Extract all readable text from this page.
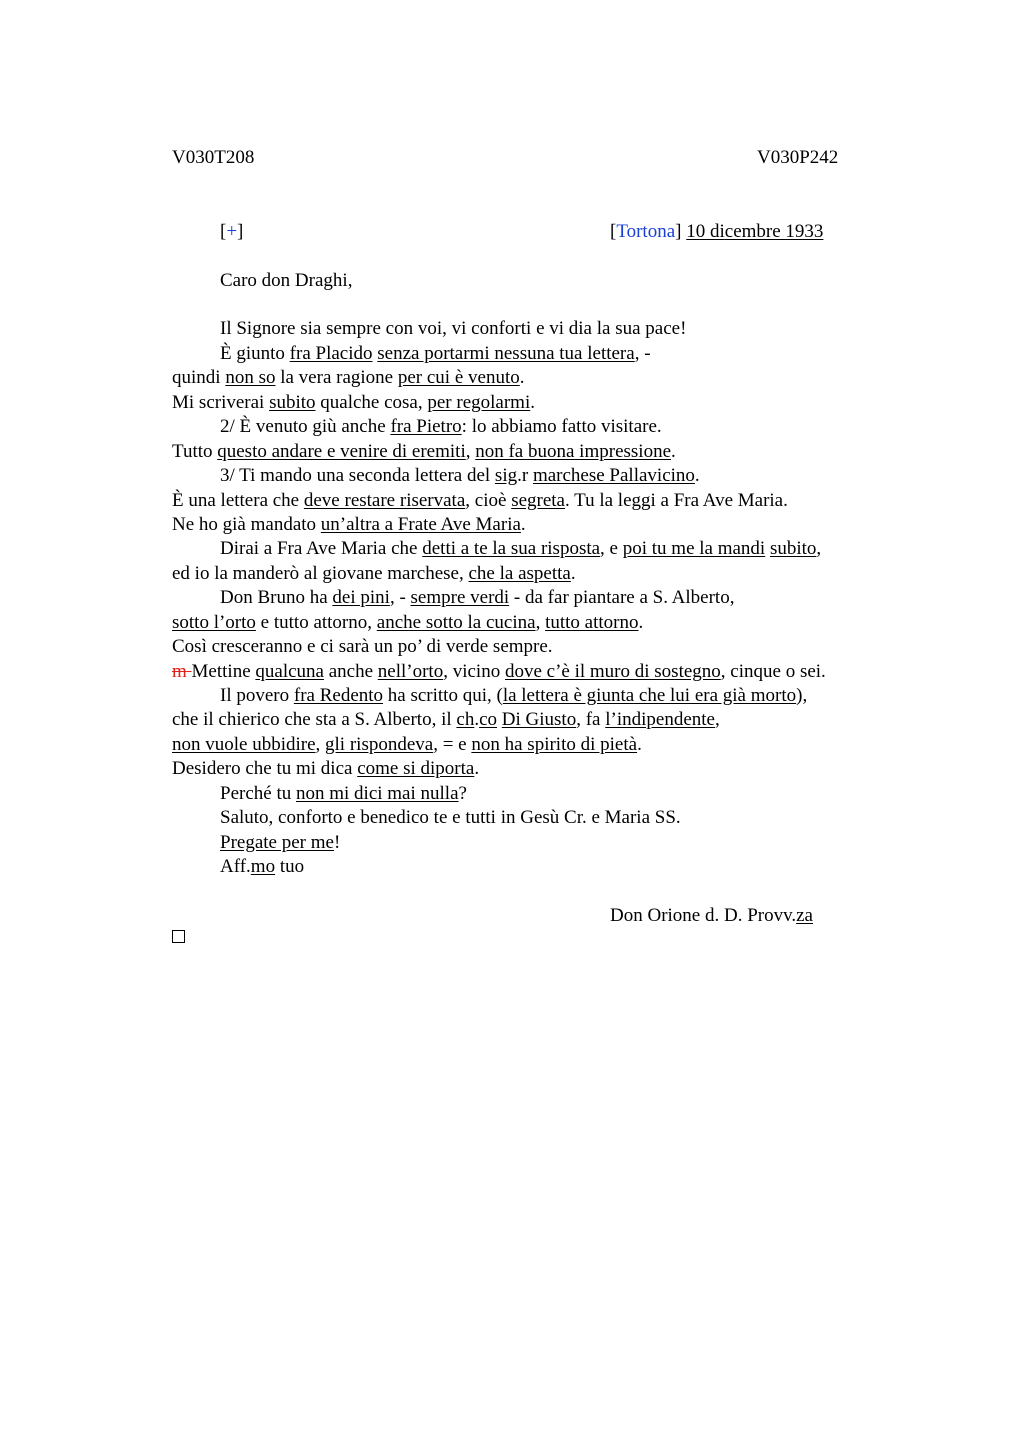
V030T208	V030P242
[+]	[Tortona] 10 dicembre 1933
Caro don Draghi,
Il Signore sia sempre con voi, vi conforti e vi dia la sua pace!
È giunto fra Placido senza portarmi nessuna tua lettera, -
quindi non so la vera ragione per cui è venuto.
Mi scriverai subito qualche cosa, per regolarmi.
2/ È venuto giù anche fra Pietro: lo abbiamo fatto visitare.
Tutto questo andare e venire di eremiti, non fa buona impressione.
3/ Ti mando una seconda lettera del sig.r marchese Pallavicino.
È una lettera che deve restare riservata, cioè segreta. Tu la leggi a Fra Ave Maria.
Ne ho già mandato un’altra a Frate Ave Maria.
Dirai a Fra Ave Maria che detti a te la sua risposta, e poi tu me la mandi subito,
ed io la manderò al giovane marchese, che la aspetta.
Don Bruno ha dei pini, - sempre verdi - da far piantare a S. Alberto,
sotto l’orto e tutto attorno, anche sotto la cucina, tutto attorno.
Così cresceranno e ci sarà un po’ di verde sempre.
m Mettine qualcuna anche nell’orto, vicino dove c’è il muro di sostegno, cinque o sei.
Il povero fra Redento ha scritto qui, (la lettera è giunta che lui era già morto),
che il chierico che sta a S. Alberto, il ch.co Di Giusto, fa l’indipendente,
non vuole ubbidire, gli rispondeva, = e non ha spirito di pietà.
Desidero che tu mi dica come si diporta.
Perché tu non mi dici mai nulla?
Saluto, conforto e benedico te e tutti in Gesù Cr. e Maria SS.
Pregate per me!
Aff.mo tuo
Don Orione d. D. Provv.za
